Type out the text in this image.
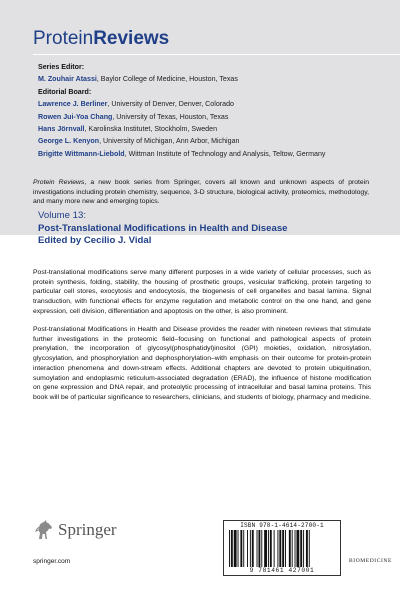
ProteinReviews
Series Editor:
M. Zouhair Atassi, Baylor College of Medicine, Houston, Texas
Editorial Board:
Lawrence J. Berliner, University of Denver, Denver, Colorado
Rowen Jui-Yoa Chang, University of Texas, Houston, Texas
Hans Jörnvall, Karolinska Institutet, Stockholm, Sweden
George L. Kenyon, University of Michigan, Ann Arbor, Michigan
Brigitte Wittmann-Liebold, Wittman Institute of Technology and Analysis, Teltow, Germany
Protein Reviews, a new book series from Springer, covers all known and unknown aspects of protein investigations including protein chemistry, sequence, 3-D structure, biological activity, proteomics, methodology, and many more new and emerging topics.
Volume 13:
Post-Translational Modifications in Health and Disease
Edited by Cecilio J. Vidal
Post-translational modifications serve many different purposes in a wide variety of cellular processes, such as protein synthesis, folding, stability, the housing of prosthetic groups, vesicular trafficking, protein targeting to particular cell stores, exocytosis and endocytosis, the biogenesis of cell organelles and basal lamina. Signal transduction, with functional effects for enzyme regulation and metabolic control on the one hand, and gene expression, cell division, differentiation and apoptosis on the other, is also prominent.
Post-translational Modifications in Health and Disease provides the reader with nineteen reviews that stimulate further investigations in the proteomic field–focusing on functional and pathological aspects of protein prenylation, the incorporation of glycosyl(phosphatidyl)inositol (GPI) moieties, oxidation, nitrosylation, glycosylation, and phosphorylation and dephosphorylation–with emphasis on their outcome for protein-protein interaction phenomena and down-stream effects. Additional chapters are devoted to protein ubiquitination, sumoylation and endoplasmic reticulum-associated degradation (ERAD), the influence of histone modification on gene expression and DNA repair, and proteolytic processing of intracellular and basal lamina proteins. This book will be of particular significance to researchers, clinicians, and students of biology, pharmacy and medicine.
Springer
springer.com
ISBN 978-1-4614-2700-1
9 781461 427001
BIOMEDICINE
